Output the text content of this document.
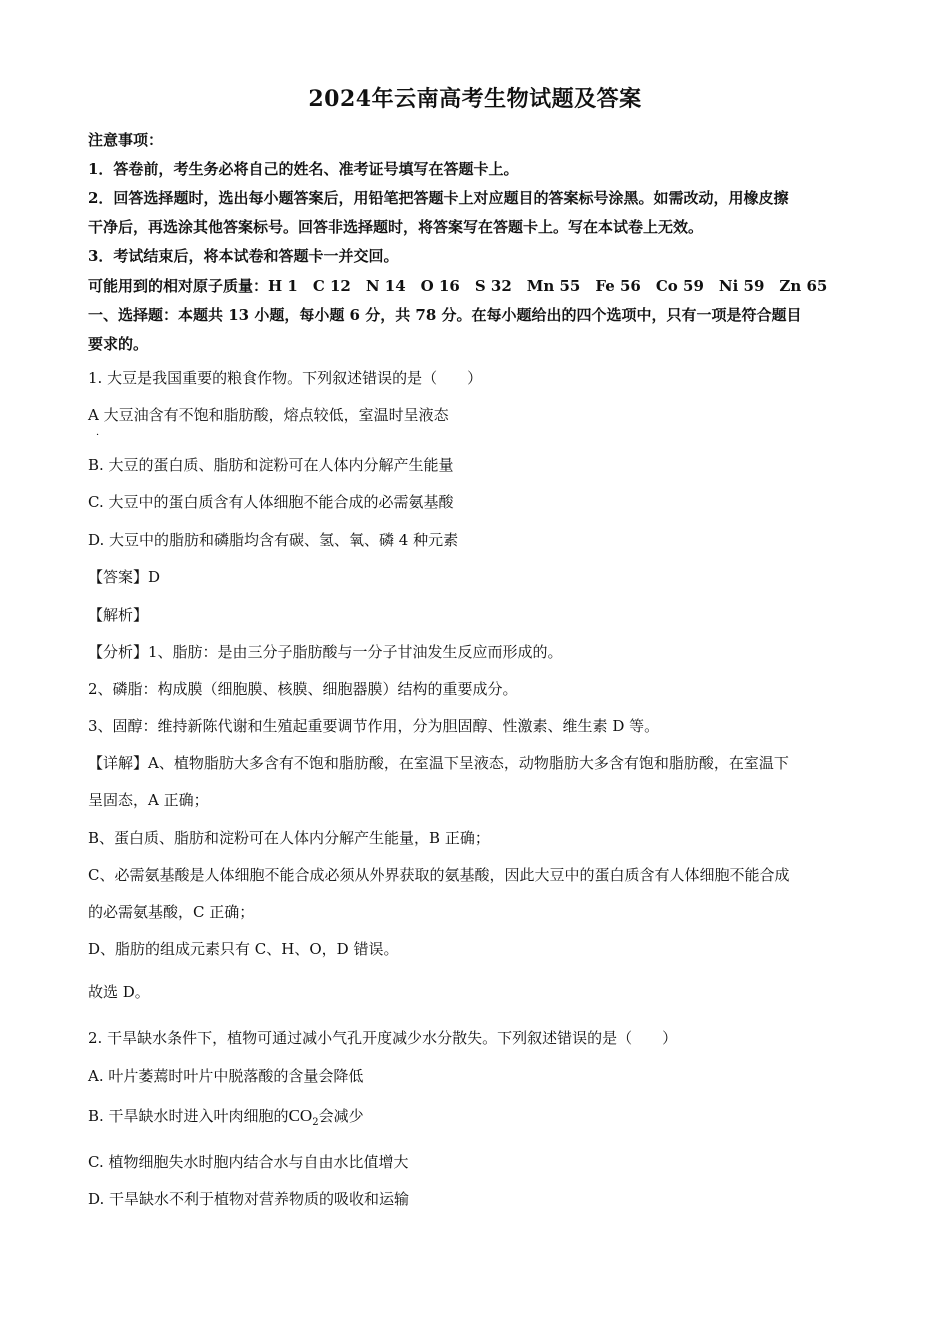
2024年云南高考生物试题及答案
注意事项：
1．答卷前，考生务必将自己的姓名、准考证号填写在答题卡上。
2．回答选择题时，选出每小题答案后，用铅笔把答题卡上对应题目的答案标号涂黑。如需改动，用橡皮擦
干净后，再选涂其他答案标号。回答非选择题时，将答案写在答题卡上。写在本试卷上无效。
3．考试结束后，将本试卷和答题卡一并交回。
可能用到的相对原子质量：H 1　C 12　N 14　O 16　S 32　Mn 55　Fe 56　Co 59　Ni 59　Zn 65
一、选择题：本题共 13 小题，每小题 6 分，共 78 分。在每小题给出的四个选项中，只有一项是符合题目
要求的。
1. 大豆是我国重要的粮食作物。下列叙述错误的是（　　）
A 大豆油含有不饱和脂肪酸，熔点较低，室温时呈液态
．
B. 大豆的蛋白质、脂肪和淀粉可在人体内分解产生能量
C. 大豆中的蛋白质含有人体细胞不能合成的必需氨基酸
D. 大豆中的脂肪和磷脂均含有碳、氢、氧、磷 4 种元素
【答案】D
【解析】
【分析】1、脂肪：是由三分子脂肪酸与一分子甘油发生反应而形成的。
2、磷脂：构成膜（细胞膜、核膜、细胞器膜）结构的重要成分。
3、固醇：维持新陈代谢和生殖起重要调节作用，分为胆固醇、性激素、维生素 D 等。
【详解】A、植物脂肪大多含有不饱和脂肪酸，在室温下呈液态，动物脂肪大多含有饱和脂肪酸，在室温下
呈固态，A 正确；
B、蛋白质、脂肪和淀粉可在人体内分解产生能量，B 正确；
C、必需氨基酸是人体细胞不能合成必须从外界获取的氨基酸，因此大豆中的蛋白质含有人体细胞不能合成
的必需氨基酸，C 正确；
D、脂肪的组成元素只有 C、H、O，D 错误。
故选 D。
2. 干旱缺水条件下，植物可通过减小气孔开度减少水分散失。下列叙述错误的是（　　）
A. 叶片萎蔫时叶片中脱落酸的含量会降低
B. 干旱缺水时进入叶肉细胞的$CO_2$会减少
C. 植物细胞失水时胞内结合水与自由水比值增大
D. 干旱缺水不利于植物对营养物质的吸收和运输
